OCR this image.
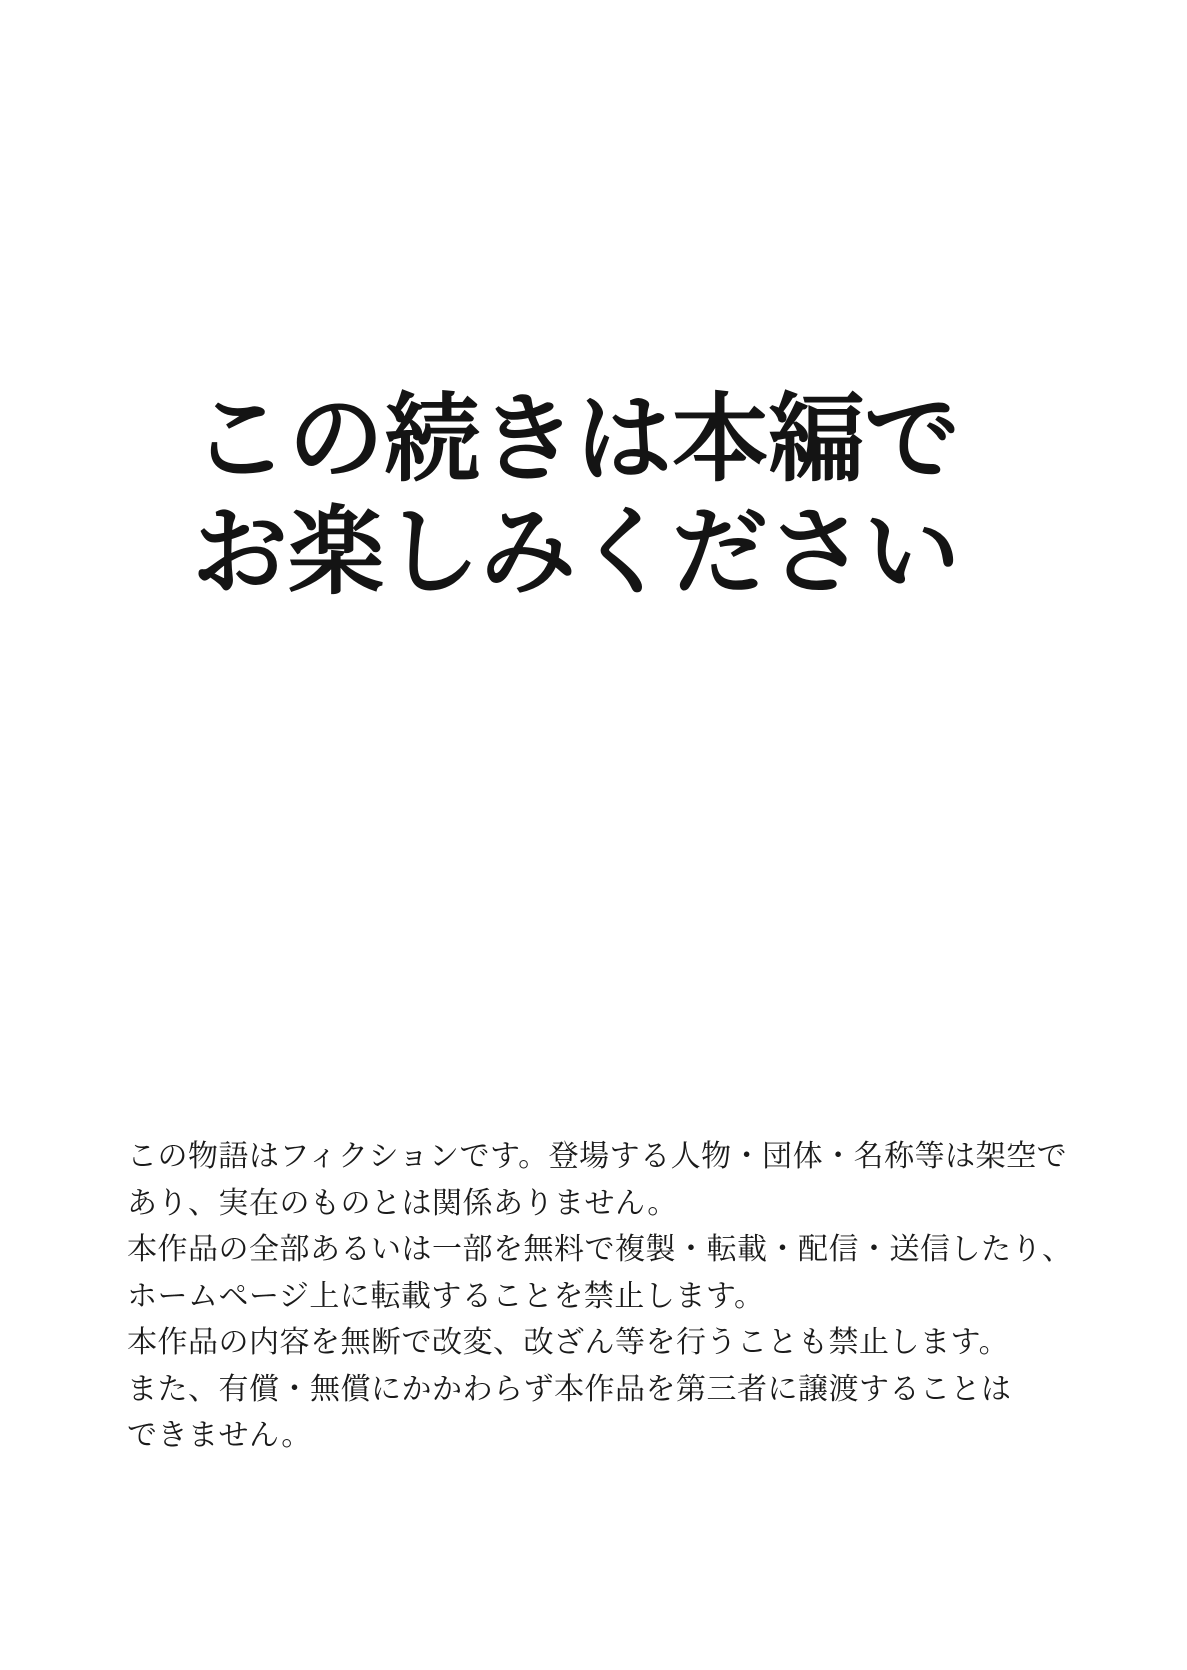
この続きは本編で
お楽しみください
この物語はフィクションです。登場する人物・団体・名称等は架空で
あり、実在のものとは関係ありません。
本作品の全部あるいは一部を無料で複製・転載・配信・送信したり、
ホームページ上に転載することを禁止します。
本作品の内容を無断で改変、改ざん等を行うことも禁止します。
また、有償・無償にかかわらず本作品を第三者に譲渡することは
できません。
